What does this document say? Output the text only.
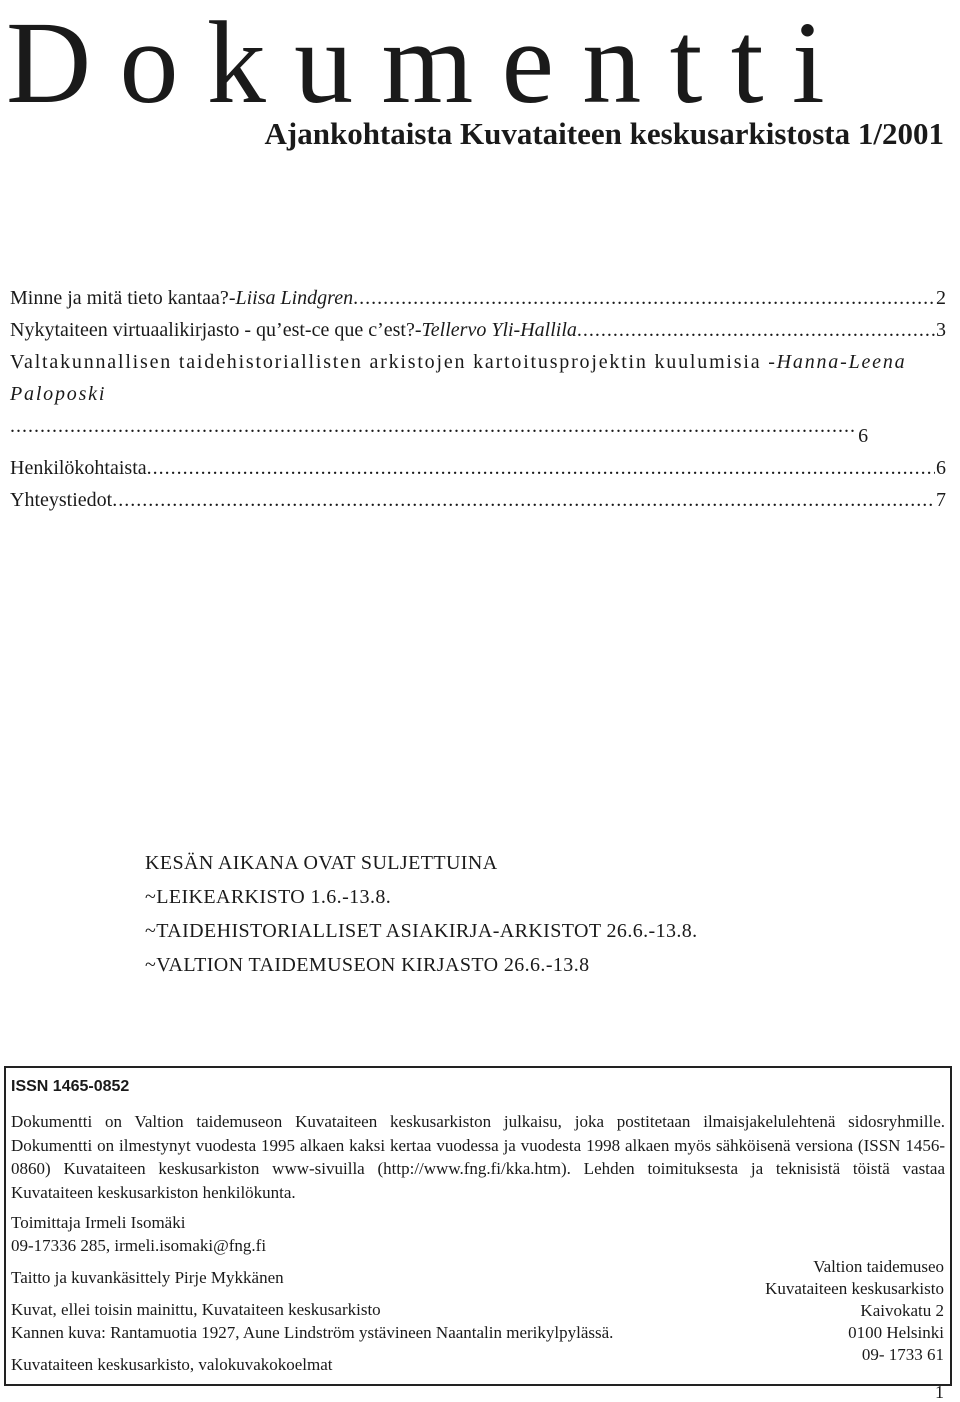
Dokumentti
Ajankohtaista Kuvataiteen keskusarkistosta 1/2001
Minne ja mitä tieto kantaa? -Liisa Lindgren .....	2
Nykytaiteen virtuaalikirjasto - qu’est-ce que c’est? -Tellervo Yli-Hallila .....	3
Valtakunnallisen taidehistoriallisten arkistojen kartoitusprojektin kuulumisia -Hanna-Leena Paloposki.....6
Henkilökohtaista .....	6
Yhteystiedot .....	7
KESÄN AIKANA OVAT SULJETTUINA
~LEIKEARKISTO 1.6.-13.8.
~TAIDEHISTORIALLISET ASIAKIRJA-ARKISTOT 26.6.-13.8.
~VALTION TAIDEMUSEON KIRJASTO 26.6.-13.8
ISSN 1465-0852

Dokumentti on Valtion taidemuseon Kuvataiteen keskusarkiston julkaisu, joka postitetaan ilmaisjakelulehtenä sidosryhmille. Dokumentti on ilmestynyt vuodesta 1995 alkaen kaksi kertaa vuodessa ja vuodesta 1998 alkaen myös sähköisenä versiona (ISSN 1456-0860) Kuvataiteen keskusarkiston www-sivuilla (http://www.fng.fi/kka.htm). Lehden toimituksesta ja teknisistä töistä vastaa Kuvataiteen keskusarkiston henkilökunta.

Toimittaja Irmeli Isomäki
09-17336 285, irmeli.isomaki@fng.fi
Taitto ja kuvankäsittely Pirje Mykkänen
Kuvat, ellei toisin mainittu, Kuvataiteen keskusarkisto
Kannen kuva: Rantamuotia 1927, Aune Lindström ystävineen Naantalin merikylpylässä.
Kuvataiteen keskusarkisto, valokuvakokoelmat
Valtion taidemuseo
Kuvataiteen keskusarkisto
Kaivokatu 2
0100 Helsinki
09- 1733 61
1
